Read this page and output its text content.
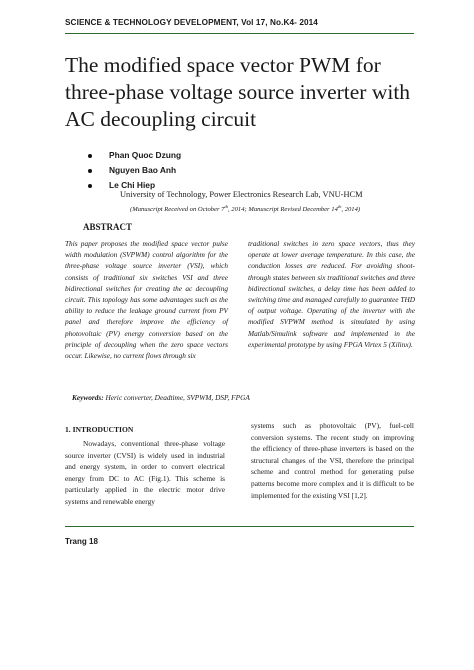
SCIENCE & TECHNOLOGY DEVELOPMENT, Vol 17, No.K4- 2014
The modified space vector PWM for three-phase voltage source inverter with AC decoupling circuit
Phan Quoc Dzung
Nguyen Bao Anh
Le Chi Hiep
University of Technology, Power Electronics Research Lab, VNU-HCM
(Manuscript Received on October 7th, 2014; Manuscript Revised December 14th, 2014)
ABSTRACT
This paper proposes the modified space vector pulse width modulation (SVPWM) control algorithm for the three-phase voltage source inverter (VSI), which consists of traditional six switches VSI and three bidirectional switches for creating the ac decoupling circuit. This topology has some advantages such as the ability to reduce the leakage ground current from PV panel and therefore improve the efficiency of photovoltaic (PV) energy conversion based on the principle of decoupling when the zero space vectors occur. Likewise, no current flows through six
traditional switches in zero space vectors, thus they operate at lower average temperature. In this case, the conduction losses are reduced. For avoiding shoot-through states between six traditional switches and three bidirectional switches, a delay time has been added to switching time and managed carefully to guarantee THD of output voltage. Operating of the inverter with the modified SVPWM method is simulated by using Matlab/Simulink software and implemented in the experimental prototype by using FPGA Virtex 5 (Xilinx).
Keywords: Heric converter, Deadtime, SVPWM, DSP, FPGA
1. INTRODUCTION
Nowadays, conventional three-phase voltage source inverter (CVSI) is widely used in industrial and energy system, in order to convert electrical energy from DC to AC (Fig.1). This scheme is particularly applied in the electric motor drive systems and renewable energy
systems such as photovoltaic (PV), fuel-cell conversion systems. The recent study on improving the efficiency of three-phase inverters is based on the structural changes of the VSI, therefore the principal scheme and control method for generating pulse patterns become more complex and it is difficult to be implemented for the existing VSI [1,2].
Trang 18
